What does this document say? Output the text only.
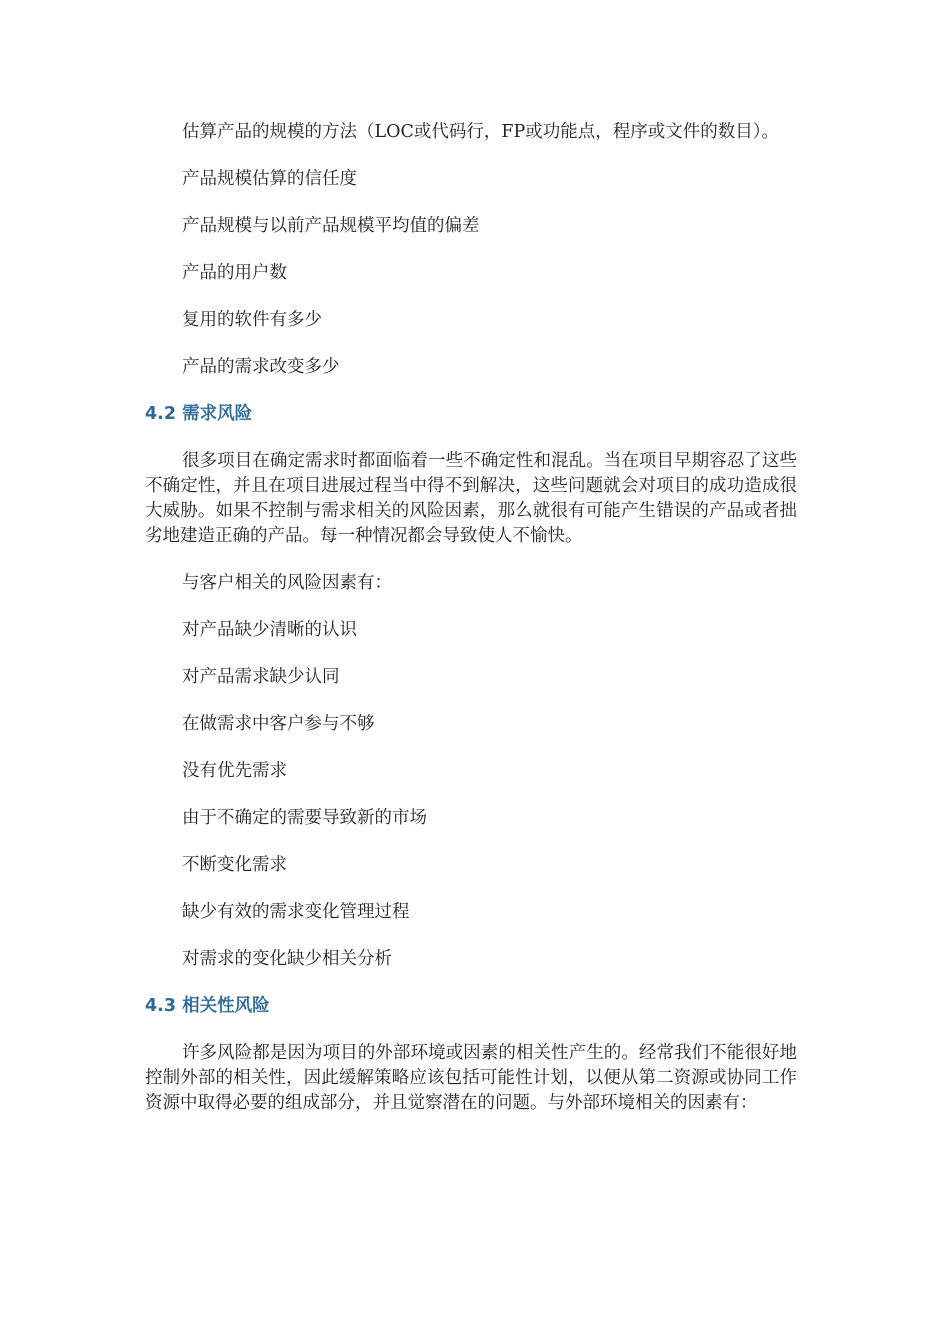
估算产品的规模的方法（LOC或代码行，FP或功能点，程序或文件的数目）。

产品规模估算的信任度

产品规模与以前产品规模平均值的偏差

产品的用户数

复用的软件有多少

产品的需求改变多少

4.2 需求风险

很多项目在确定需求时都面临着一些不确定性和混乱。当在项目早期容忍了这些不确定性，并且在项目进展过程当中得不到解决，这些问题就会对项目的成功造成很大威胁。如果不控制与需求相关的风险因素，那么就很有可能产生错误的产品或者拙劣地建造正确的产品。每一种情况都会导致使人不愉快。

与客户相关的风险因素有：

对产品缺少清晰的认识

对产品需求缺少认同

在做需求中客户参与不够

没有优先需求

由于不确定的需要导致新的市场

不断变化需求

缺少有效的需求变化管理过程

对需求的变化缺少相关分析

4.3 相关性风险

许多风险都是因为项目的外部环境或因素的相关性产生的。经常我们不能很好地控制外部的相关性，因此缓解策略应该包括可能性计划，以便从第二资源或协同工作资源中取得必要的组成部分，并且觉察潜在的问题。与外部环境相关的因素有：
